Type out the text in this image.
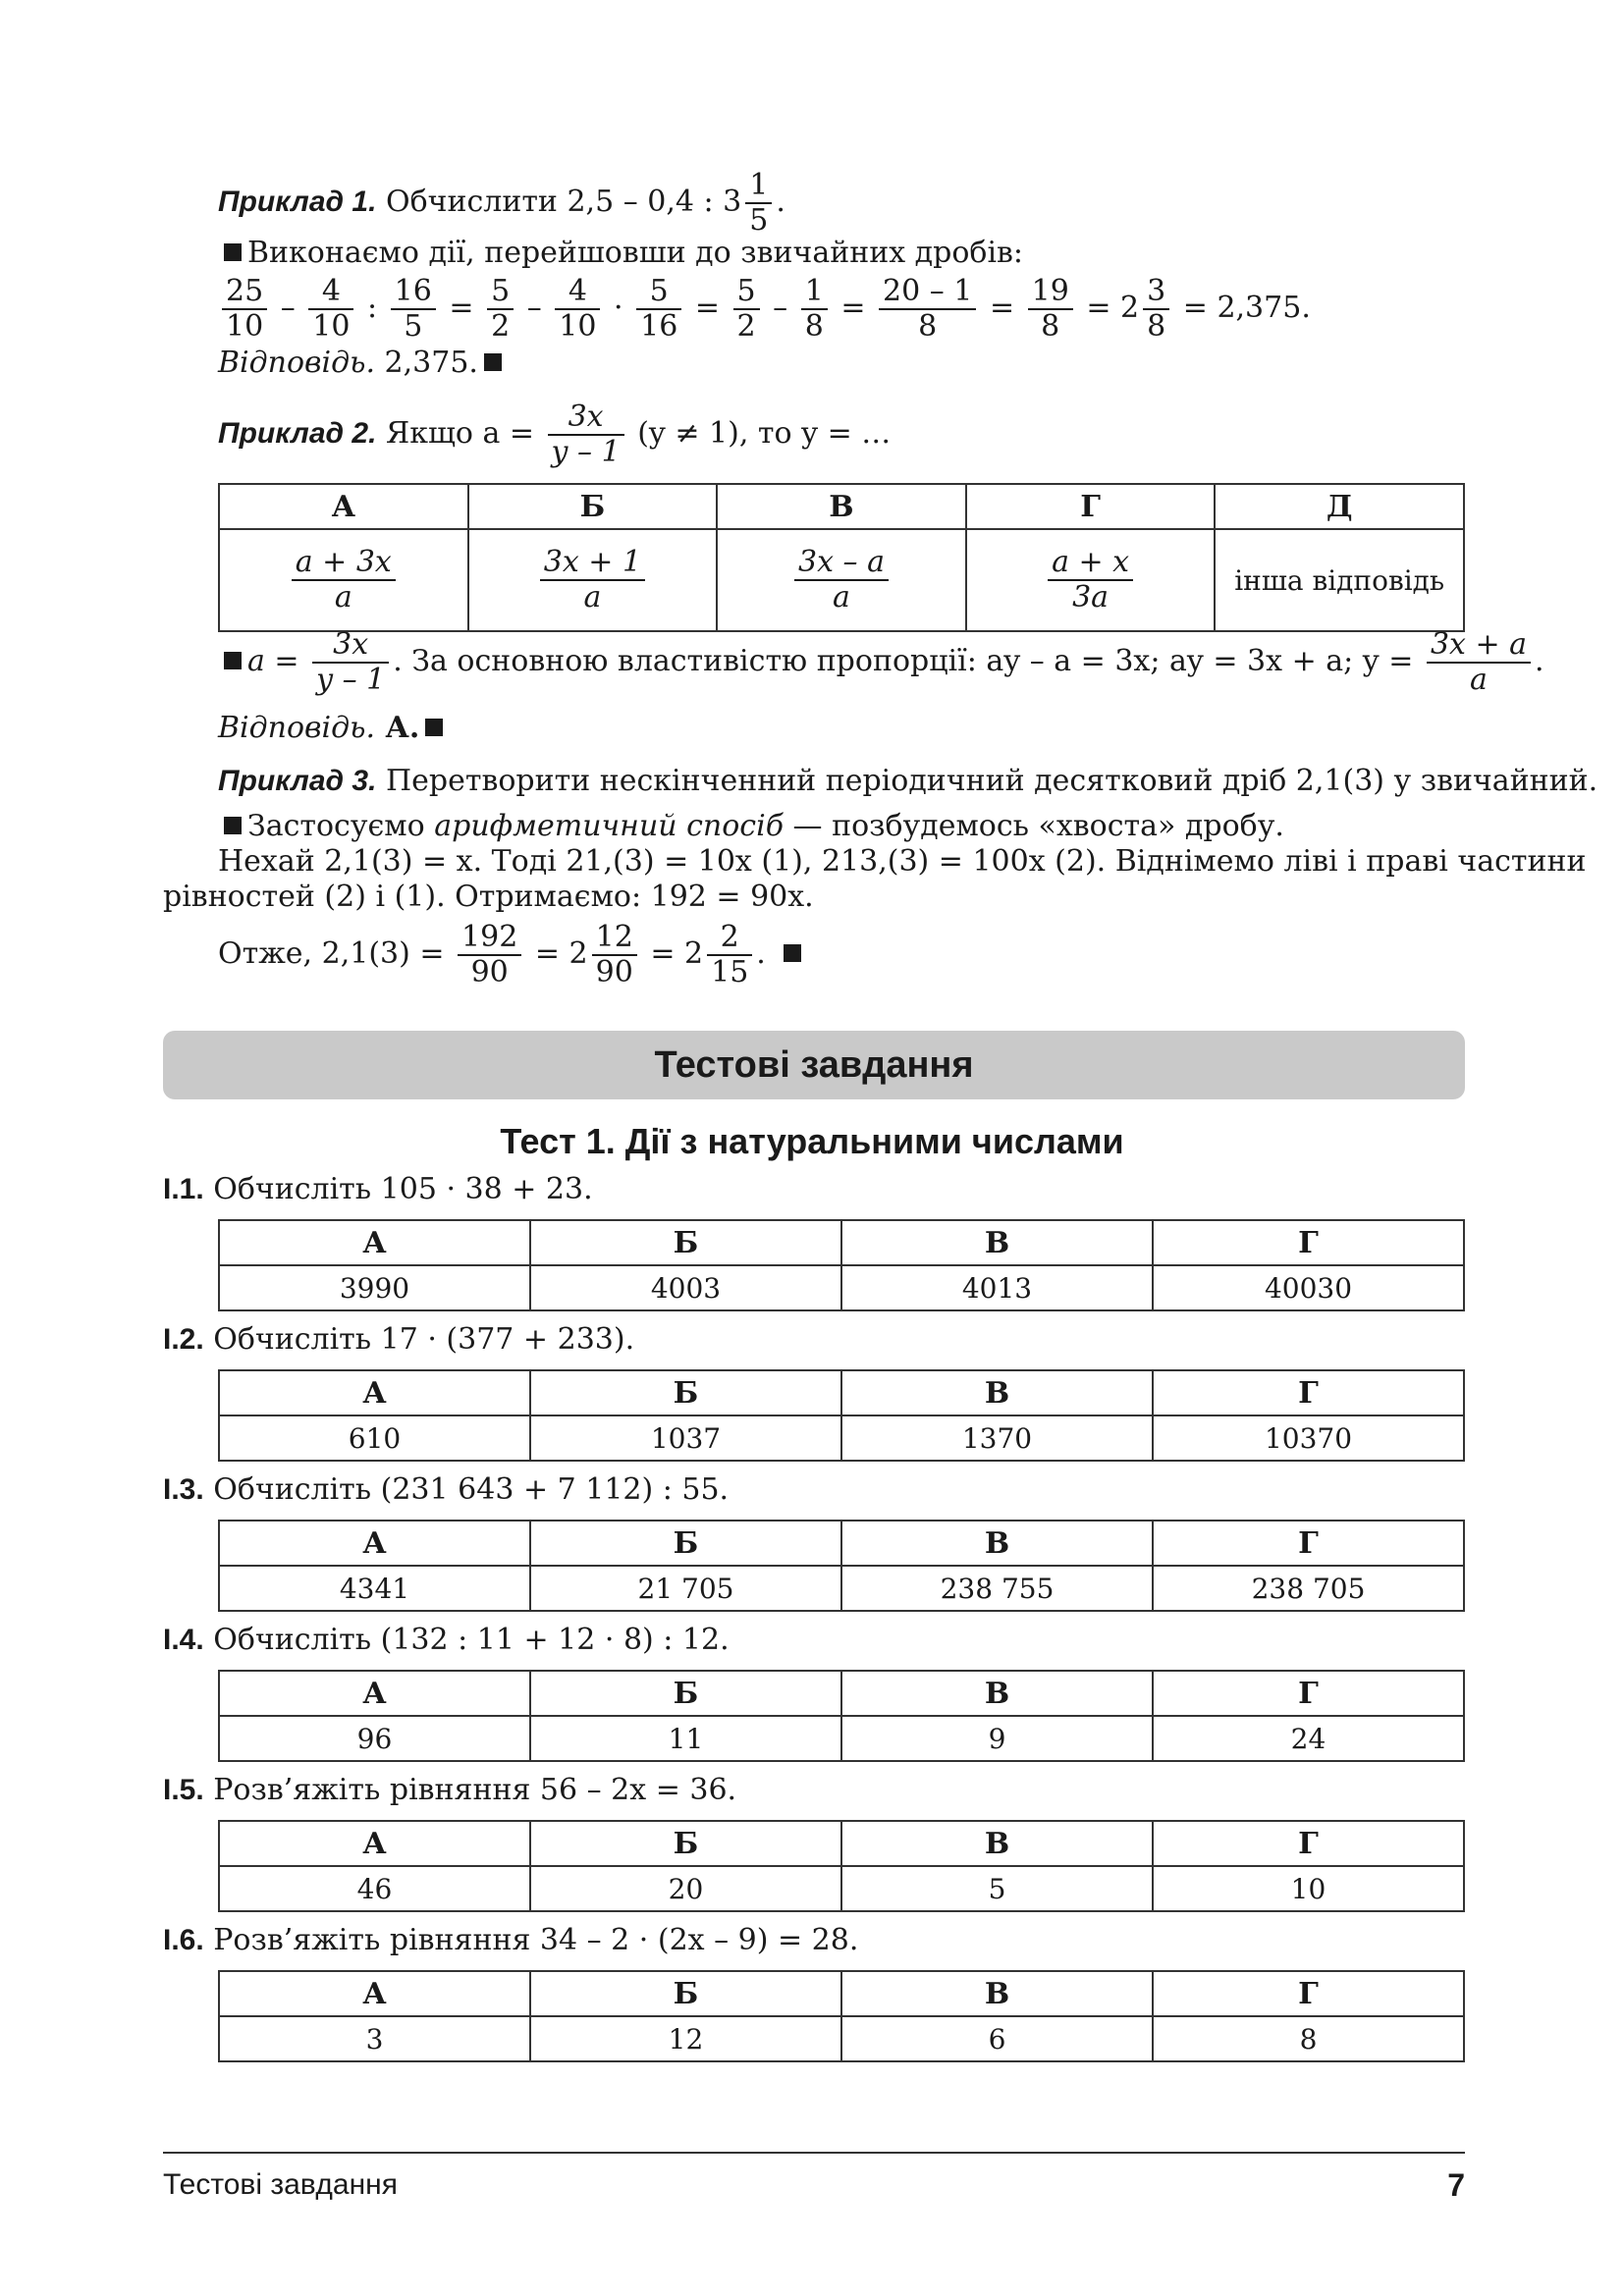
Приклад 1. Обчислити 2,5 – 0,4 : $3 \frac{1}{5}$ .
Виконаємо дії, перейшовши до звичайних дробів:
$\frac{25}{10} - \frac{4}{10}$ : $\frac{16}{5} = \frac{5}{2} - \frac{4}{10} \cdot \frac{5}{16} = \frac{5}{2} - \frac{1}{8} = \frac{20 - 1}{8} = \frac{19}{8} = 2 \frac{3}{8} = 2,375$.
Відповідь. 2,375.
Приклад 2. Якщо $a = \frac{3x}{y - 1} (y \ne 1)$, то y = …
А	Б	В	Г	Д

$\frac{a + 3x}{a}$	$\frac{3x + 1}{a}$	$\frac{3x - a}{a}$	$\frac{a + x}{3a}$	інша відповідь
$a = \frac{3x}{y - 1}$ . За основною властивістю пропорції: ay – a = 3x; ay = 3x + a; $y = \frac{3x + a}{a}$ .
Відповідь. А.
Приклад 3. Перетворити нескінченний періодичний десятковий дріб 2,1(3) у звичайний.
Застосуємо арифметичний спосіб — позбудемось «хвоста» дробу.
Нехай 2,1(3) = x. Тоді 21,(3) = 10x (1), 213,(3) = 100x (2). Віднімемо ліві і праві частини
рівностей (2) і (1). Отримаємо: 192 = 90x.
Отже, $2,1(3) = \frac{192}{90} = 2 \frac{12}{90} = 2 \frac{2}{15}$ .
Тестові завдання
Тест 1. Дії з натуральними числами
I.1. Обчисліть 105 · 38 + 23.
А	Б	В	Г
3990	4003	4013	40030
I.2. Обчисліть 17 · (377 + 233).
А	Б	В	Г
610	1037	1370	10370
I.3. Обчисліть (231 643 + 7 112) : 55.
А	Б	В	Г
4341	21 705	238 755	238 705
I.4. Обчисліть (132 : 11 + 12 · 8) : 12.
А	Б	В	Г
96	11	9	24
I.5. Розв’яжіть рівняння 56 – 2x = 36.
А	Б	В	Г
46	20	5	10
I.6. Розв’яжіть рівняння 34 – 2 · (2x – 9) = 28.
А	Б	В	Г
3	12	6	8
Тестові завдання	7
